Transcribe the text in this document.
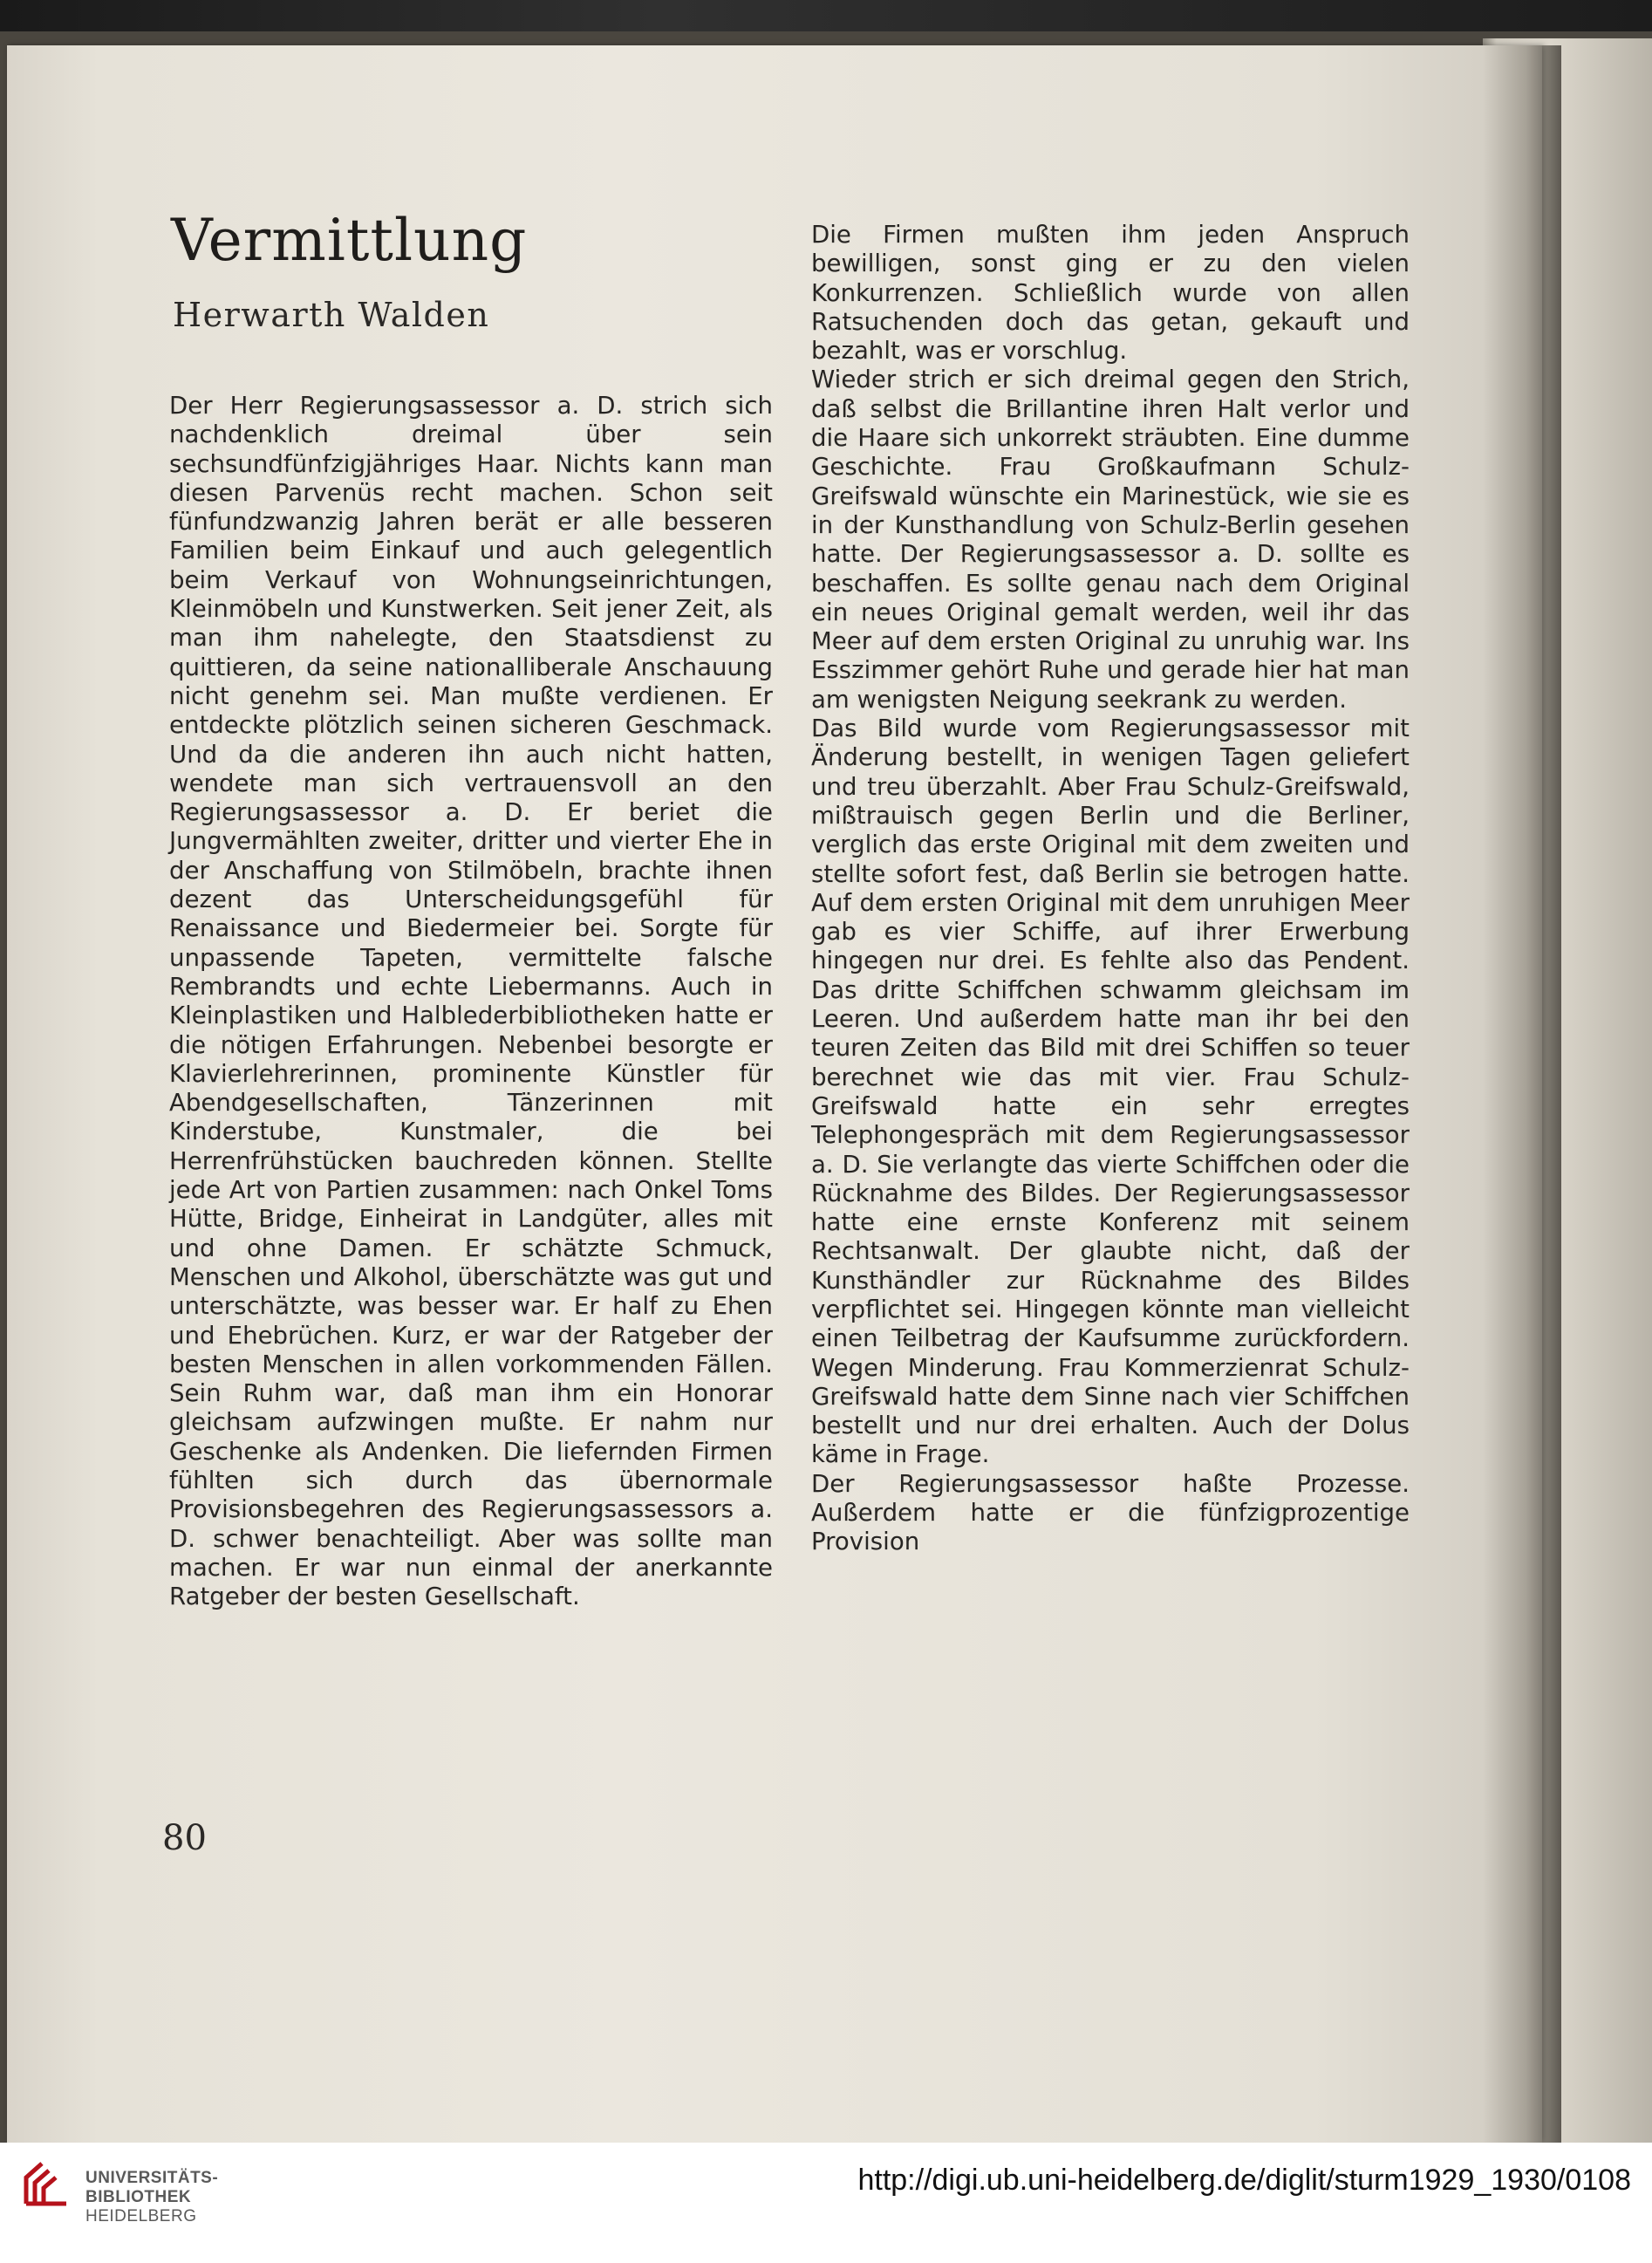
Vermittlung
Herwarth Walden

Der Herr Regierungsassessor a. D. strich sich nachdenklich dreimal über sein sechsundfünfzigjähriges Haar. Nichts kann man diesen Parvenüs recht machen. Schon seit fünfundzwanzig Jahren berät er alle besseren Familien beim Einkauf und auch gelegentlich beim Verkauf von Wohnungseinrichtungen, Kleinmöbeln und Kunstwerken. Seit jener Zeit, als man ihm nahelegte, den Staatsdienst zu quittieren, da seine nationalliberale Anschauung nicht genehm sei. Man mußte verdienen. Er entdeckte plötzlich seinen sicheren Geschmack. Und da die anderen ihn auch nicht hatten, wendete man sich vertrauensvoll an den Regierungsassessor a. D. Er beriet die Jungvermählten zweiter, dritter und vierter Ehe in der Anschaffung von Stilmöbeln, brachte ihnen dezent das Unterscheidungsgefühl für Renaissance und Biedermeier bei. Sorgte für unpassende Tapeten, vermittelte falsche Rembrandts und echte Liebermanns. Auch in Kleinplastiken und Halblederbibliotheken hatte er die nötigen Erfahrungen. Nebenbei besorgte er Klavierlehrerinnen, prominente Künstler für Abendgesellschaften, Tänzerinnen mit Kinderstube, Kunstmaler, die bei Herrenfrühstücken bauchreden können. Stellte jede Art von Partien zusammen: nach Onkel Toms Hütte, Bridge, Einheirat in Landgüter, alles mit und ohne Damen. Er schätzte Schmuck, Menschen und Alkohol, überschätzte was gut und unterschätzte, was besser war. Er half zu Ehen und Ehebrüchen. Kurz, er war der Ratgeber der besten Menschen in allen vorkommenden Fällen. Sein Ruhm war, daß man ihm ein Honorar gleichsam aufzwingen mußte. Er nahm nur Geschenke als Andenken. Die liefernden Firmen fühlten sich durch das übernormale Provisionsbegehren des Regierungsassessors a. D. schwer benachteiligt. Aber was sollte man machen. Er war nun einmal der anerkannte Ratgeber der besten Gesellschaft.

Die Firmen mußten ihm jeden Anspruch bewilligen, sonst ging er zu den vielen Konkurrenzen. Schließlich wurde von allen Ratsuchenden doch das getan, gekauft und bezahlt, was er vorschlug.

Wieder strich er sich dreimal gegen den Strich, daß selbst die Brillantine ihren Halt verlor und die Haare sich unkorrekt sträubten. Eine dumme Geschichte. Frau Großkaufmann Schulz-Greifswald wünschte ein Marinestück, wie sie es in der Kunsthandlung von Schulz-Berlin gesehen hatte. Der Regierungsassessor a. D. sollte es beschaffen. Es sollte genau nach dem Original ein neues Original gemalt werden, weil ihr das Meer auf dem ersten Original zu unruhig war. Ins Esszimmer gehört Ruhe und gerade hier hat man am wenigsten Neigung seekrank zu werden.

Das Bild wurde vom Regierungsassessor mit Änderung bestellt, in wenigen Tagen geliefert und treu überzahlt. Aber Frau Schulz-Greifswald, mißtrauisch gegen Berlin und die Berliner, verglich das erste Original mit dem zweiten und stellte sofort fest, daß Berlin sie betrogen hatte. Auf dem ersten Original mit dem unruhigen Meer gab es vier Schiffe, auf ihrer Erwerbung hingegen nur drei. Es fehlte also das Pendent. Das dritte Schiffchen schwamm gleichsam im Leeren. Und außerdem hatte man ihr bei den teuren Zeiten das Bild mit drei Schiffen so teuer berechnet wie das mit vier. Frau Schulz-Greifswald hatte ein sehr erregtes Telephongespräch mit dem Regierungsassessor a. D. Sie verlangte das vierte Schiffchen oder die Rücknahme des Bildes. Der Regierungsassessor hatte eine ernste Konferenz mit seinem Rechtsanwalt. Der glaubte nicht, daß der Kunsthändler zur Rücknahme des Bildes verpflichtet sei. Hingegen könnte man vielleicht einen Teilbetrag der Kaufsumme zurückfordern. Wegen Minderung. Frau Kommerzienrat Schulz-Greifswald hatte dem Sinne nach vier Schiffchen bestellt und nur drei erhalten. Auch der Dolus käme in Frage.

Der Regierungsassessor haßte Prozesse. Außerdem hatte er die fünfzigprozentige Provision

80
UNIVERSITÄTS-
BIBLIOTHEK
HEIDELBERG
http://digi.ub.uni-heidelberg.de/diglit/sturm1929_1930/0108
